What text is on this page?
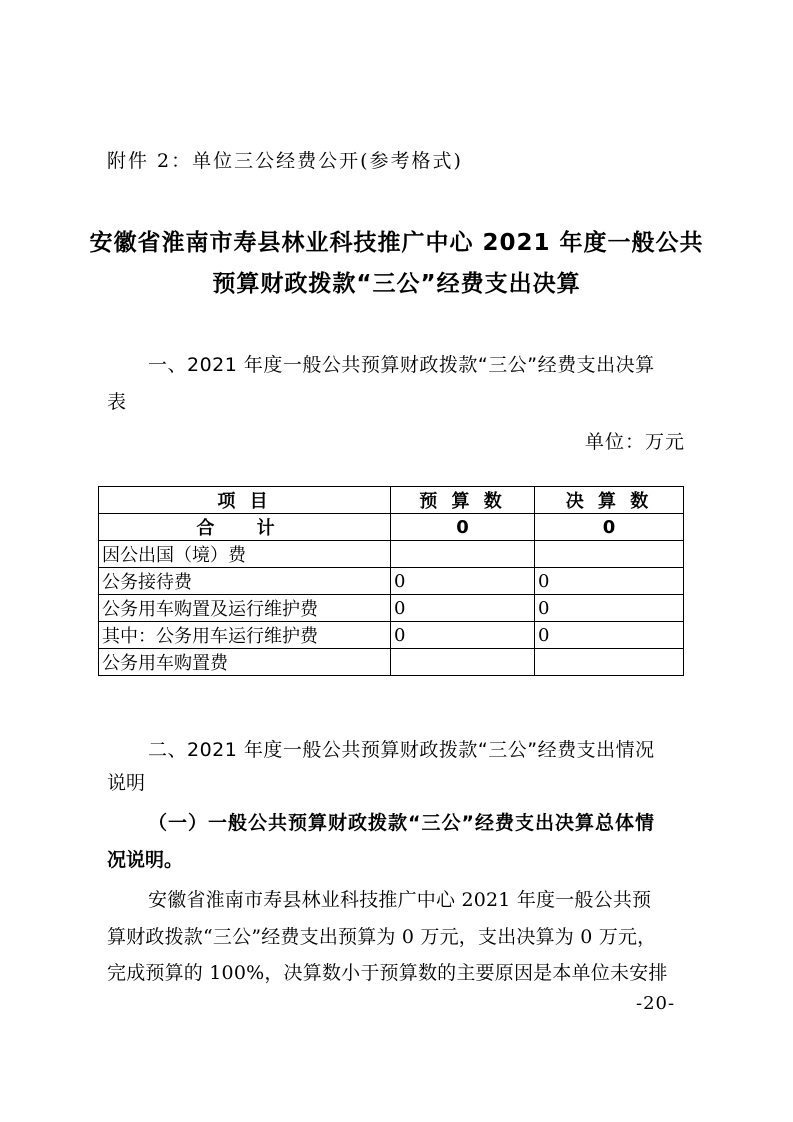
附件 2：单位三公经费公开(参考格式)
安徽省淮南市寿县林业科技推广中心 2021 年度一般公共
预算财政拨款“三公”经费支出决算
一、2021 年度一般公共预算财政拨款“三公”经费支出决算
表
单位：万元
项 目	预 算 数	决 算 数
合 计	0	0
因公出国（境）费		
公务接待费	0	0
公务用车购置及运行维护费	0	0
其中：公务用车运行维护费	0	0
公务用车购置费		
二、2021 年度一般公共预算财政拨款“三公”经费支出情况
说明
（一）一般公共预算财政拨款“三公”经费支出决算总体情
况说明。
安徽省淮南市寿县林业科技推广中心 2021 年度一般公共预
算财政拨款“三公”经费支出预算为 0 万元，支出决算为 0 万元，
完成预算的 100%，决算数小于预算数的主要原因是本单位未安排
-20-
